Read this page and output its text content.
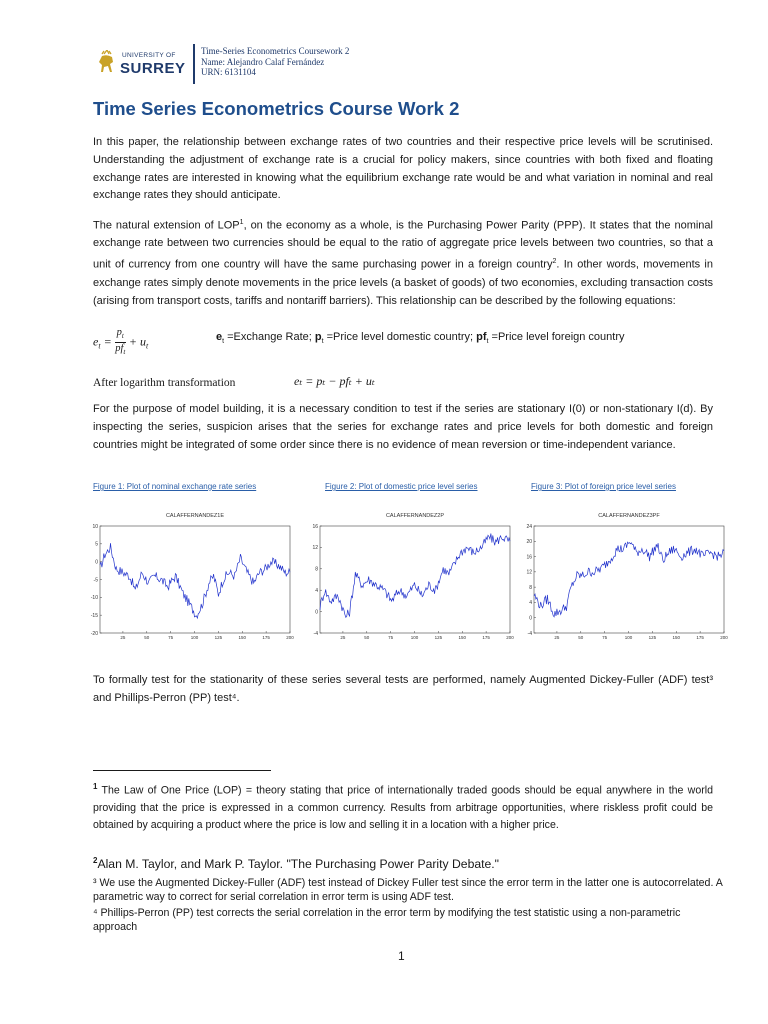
UNIVERSITY OF
SURREY
Time-Series Econometrics Coursework 2
Name: Alejandro Calaf Fernández
URN: 6131104
Time Series Econometrics Course Work 2
In this paper, the relationship between exchange rates of two countries and their respective price levels will be scrutinised. Understanding the adjustment of exchange rate is a crucial for policy makers, since countries with both fixed and floating exchange rates are interested in knowing what the equilibrium exchange rate would be and what variation in nominal and real exchange rates they should anticipate.
The natural extension of LOP$^1$, on the economy as a whole, is the Purchasing Power Parity (PPP). It states that the nominal exchange rate between two currencies should be equal to the ratio of aggregate price levels between two countries, so that a unit of currency from one country will have the same purchasing power in a foreign country$^2$. In other words, movements in exchange rates simply denote movements in the price levels (a basket of goods) of two economies, excluding transaction costs (arising from transport costs, tariffs and nontariff barriers). This relationship can be described by the following equations:
$e_t = \frac{p_t}{pf_t} + u_t$
$e_t$ =Exchange Rate; $p_t$ =Price level domestic country; $pf_t$ =Price level foreign country
After logarithm transformation	eₜ = pₜ − pfₜ + uₜ
For the purpose of model building, it is a necessary condition to test if the series are stationary I(0) or non-stationary I(d). By inspecting the series, suspicion arises that the series for exchange rates and price levels for both domestic and foreign countries might be integrated of some order since there is no evidence of mean reversion or time-independent variance.
Figure 1: Plot of nominal exchange rate series	Figure 2: Plot of domestic price level series	Figure 3: Plot of foreign price level series
CALAFFERNANDEZ1E
10
5
0
-5
-10
-15
-20
25	50	75	100	125	150	175	200
CALAFFERNANDEZ2P
16
12
8
4
0
-4
25	50	75	100	125	150	175	200
CALAFFERNANDEZ3PF
24
20
16
12
8
4
0
-4
25	50	75	100	125	150	175	200
To formally test for the stationarity of these series several tests are performed, namely Augmented Dickey-Fuller (ADF) test³ and Phillips-Perron (PP) test⁴.
$^1$ The Law of One Price (LOP) = theory stating that price of internationally traded goods should be equal anywhere in the world providing that the price is expressed in a common currency. Results from arbitrage opportunities, where riskless profit could be obtained by acquiring a product where the price is low and selling it in a location with a higher price.
$^2$Alan M. Taylor, and Mark P. Taylor. "The Purchasing Power Parity Debate."
³ We use the Augmented Dickey-Fuller (ADF) test instead of Dickey Fuller test since the error term in the latter one is autocorrelated. A parametric way to correct for serial correlation in error term is using ADF test.
⁴ Phillips-Perron (PP) test corrects the serial correlation in the error term by modifying the test statistic using a non-parametric approach
1
